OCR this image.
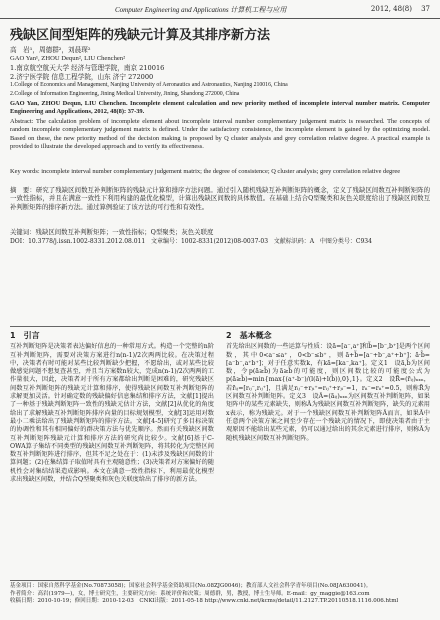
Computer Engineering and Applications 计算机工程与应用	2012, 48(8) 37
残缺区间型矩阵的残缺元计算及其排序新方法
高　岩¹，周德群²，刘晨琛²
GAO Yan¹, ZHOU Dequn², LIU Chenchen²
1.南京航空航天大学 经济与管理学院，南京 210016
2.济宁医学院 信息工程学院，山东 济宁 272000
1.College of Economics and Management, Nanjing University of Aeronautics and Astronautics, Nanjing 210016, China
2.College of Information Engineering, Jining Medical University, Jining, Shandong 272000, China
GAO Yan, ZHOU Dequn, LIU Chenchen. Incomplete element calculation and new priority method of incomplete interval number matrix. Computer Engineering and Applications, 2012, 48(8): 37-39.
Abstract: The calculation problem of incomplete element about incomplete interval number complementary judgement matrix is researched. The concepts of random incomplete complementary judgement matrix is defined. Under the satisfactory consistence, the incomplete element is gained by the optimizing model. Based on these, the new priority method of the decision making is proposed by Q cluster analysis and grey correlation relative degree. A practical example is provided to illustrate the developed approach and to verify its effectiveness.
Key words: incomplete interval number complementary judgement matrix; the degree of consistence; Q cluster analysis; grey correlation relative degree
摘　要：研究了残缺区间数互补判断矩阵的残缺元计算和排序方法问题。通过引入随机残缺互补判断矩阵的概念，定义了残缺区间数互补判断矩阵的一致性指标，并且在满意一致性下利用构建的最优化模型，计算出残缺区间数的具体数值。在基础上结合Q型聚类和灰色关联度给出了残缺区间数互补判断矩阵的排序新方法。通过算例验证了该方法的可行性和有效性。
关键词：残缺区间数互补判断矩阵；一致性指标；Q型聚类；灰色关联度
DOI：10.3778/j.issn.1002-8331.2012.08.011 文章编号：1002-8331(2012)08-0037-03 文献标识码：A 中图分类号：C934
1　引言
互补判断矩阵是决策者表达偏好信息的一种常用方式。构造一个完整的n阶互补判断矩阵，需要对决策方案进行n(n-1)/2次两两比较。在决策过程中，决策者有时可能对某些比较判断缺少把握，不愿给出，或对某些比较做感觉问题不想复查甚至，并且当方案数n较大，完成n(n-1)/2次两两的工作量很大，因此，决策者对于所有方案都给出判断是困难的，研究残缺区间数互补判断矩阵的残缺元计算和排序，使得残缺区间数互补判断矩阵的求解更加灵活。针对确定数的残缺偏好信息集结和排序方法，文献[1]提出了一种基于残缺判断矩阵一致性的残缺元估计方法，文献[2]从优化的角度给出了求解残缺互补判断矩阵排序向量的目标规划模型，文献[3]运用对数最小二乘法给出了残缺判断矩阵的排序方法。文献[4-5]研究了多目标决策的协调性和其有相同偏好的群决策方法与优先顺序。然而有关残缺区间数互补判断矩阵残缺元计算和排序方法的研究尚比较少。文献[6]基于C-OWA算子集结不同类型的残缺区间数互补判断矩阵，将其转化为完整区间数互补判断矩阵进行排序，但其不足之处在于：(1)未涉及残缺区间数的计算问题；(2)在集结算子取值时具有主观随意性；(3)决策者对方案偏好的随机性会对集结结果造成影响。本文在满意一致性指标下，利用最优化模型求出残缺区间数，并结合Q型聚类和灰色关联度给出了排序的新方法。
2　基本概念
首先给出区间数的一些运算与性质：设ã=[a⁻,a⁺]和b̃=[b⁻,b⁺]是两个区间数，其中0<a⁻≤a⁺，0<b⁻≤b⁺，则ã+b̃=[a⁻+b⁻,a⁺+b⁺]；ã·b̃=[a⁻b⁻,a⁺b⁺]；对于任意实数k，有kã=[ka⁻,ka⁺]。定义1　设ã,b̃为区间数，令p(ã≥b̃)为ã≥b̃的可能度，则区间数比较的可能度公式为p(ã≥b̃)=min{max{(a⁺-b⁻)/(l(ã)+l(b̃)),0},1}。定义2　设R̃=(r̃ᵢⱼ)ₙₓₙ，若r̃ᵢⱼ=[rᵢⱼ⁻,rᵢⱼ⁺]，且满足rᵢⱼ⁻+rⱼᵢ⁺=rᵢⱼ⁺+rⱼᵢ⁻=1，rᵢᵢ⁻=rᵢᵢ⁺=0.5，则称R̃为区间数互补判断矩阵。定义3　设Ã=(ãᵢⱼ)ₙₓₙ为区间数互补判断矩阵，如果矩阵中的某些元素缺失，则称Ã为残缺区间数互补判断矩阵，缺失的元素用x表示，称为残缺元。对于一个残缺区间数互补判断矩阵Ã而言，如果Ã中任意两个决策方案之间至少存在一个残缺元的情况下，即使决策者由于主观原因不能给出某些元素，仍可以通过给出的其余元素进行排序，则称Ã为随机残缺区间数互补判断矩阵。
基金项目：国家自然科学基金(No.70873058)；国家社会科学基金资助项目(No.08ZJG0046)；教育部人文社会科学青年项目(No.08JA630041)。
作者简介：高岩(1979—)，女，博士研究生，主要研究方向：系统评价和决策；周德群，男，教授，博士生导师。E-mail：gy_maggie@163.com
收稿日期：2010-10-19；修回日期：2010-12-03　CNKI出版：2011-05-18 http://www.cnki.net/kcms/detail/11.2127.TP.20110518.1116.006.html
